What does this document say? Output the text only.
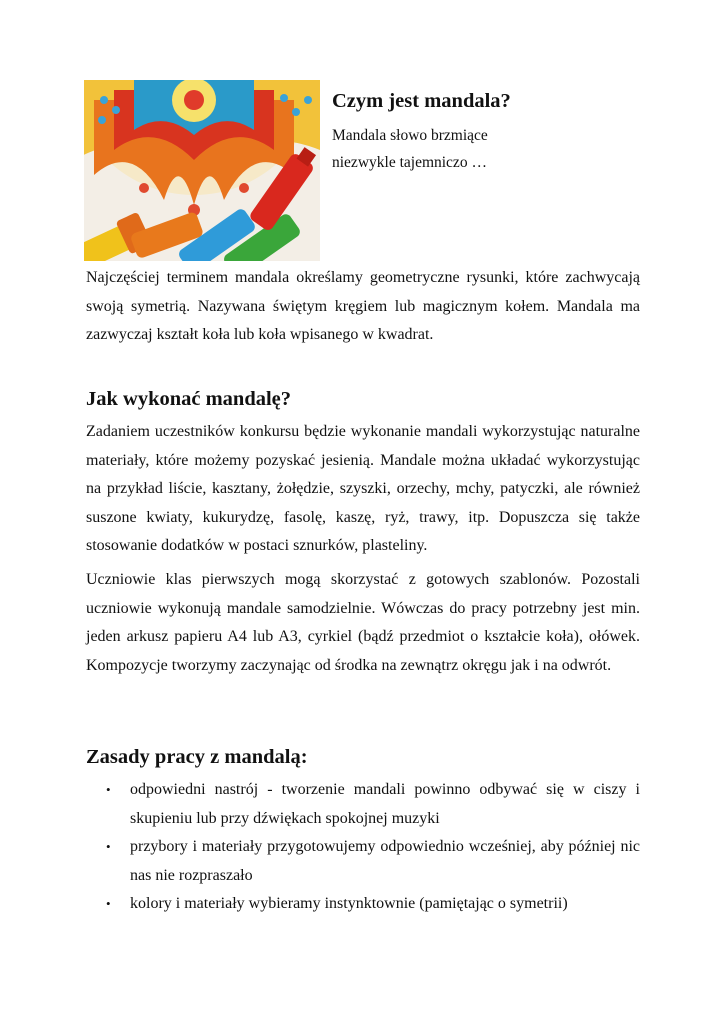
Czym jest mandala?

Mandala słowo brzmiące

niezwykle tajemniczo …

Najczęściej terminem mandala określamy geometryczne rysunki, które zachwycają swoją symetrią. Nazywana świętym kręgiem lub magicznym kołem. Mandala ma zazwyczaj kształt koła lub koła wpisanego w kwadrat.

Jak wykonać mandalę?

Zadaniem uczestników konkursu będzie wykonanie mandali wykorzystując naturalne materiały, które możemy pozyskać jesienią. Mandale można układać wykorzystując na przykład liście, kasztany, żołędzie, szyszki, orzechy, mchy, patyczki, ale również suszone kwiaty, kukurydzę, fasolę, kaszę, ryż, trawy, itp. Dopuszcza się także stosowanie dodatków w postaci sznurków, plasteliny.

Uczniowie klas pierwszych mogą skorzystać z gotowych szablonów. Pozostali uczniowie wykonują mandale samodzielnie. Wówczas do pracy potrzebny jest min. jeden arkusz papieru A4 lub A3, cyrkiel (bądź przedmiot o kształcie koła), ołówek. Kompozycje tworzymy zaczynając od środka na zewnątrz okręgu jak i na odwrót.

Zasady pracy z mandalą:
• odpowiedni nastrój - tworzenie mandali powinno odbywać się w ciszy i skupieniu lub przy dźwiękach spokojnej muzyki
• przybory i materiały przygotowujemy odpowiednio wcześniej, aby później nic nas nie rozpraszało
• kolory i materiały wybieramy instynktownie (pamiętając o symetrii)
